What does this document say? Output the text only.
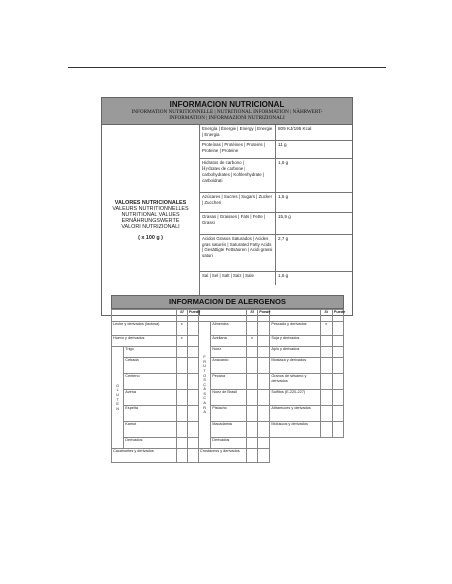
INFORMACION NUTRICIONAL
INFORMATION NUTRITIONNELLE | NUTRITIONAL INFORMATION | NÄHRWERT-
INFORMATION | INFORMAZIONI NUTRIZIONALI
VALORES NUTRICIONALES
VALEURS NUTRITIONNELLES
NUTRITIONAL VALUES
ERNÄHRUNGSWERTE
VALORI NUTRIZIONALI
( x 100 g )
Energía | Énergie | Energy | Energie | Energia
809 KJ/195 Kcal
Proteínas | Protéines | Proteins | Proteine | Proteine
11 g
Hidratos de carbono |
Hydrates de carbone |
carbohydrates | Kohlenhydrate | carboidrati
1,6 g
Azúcares | Sucres | Sugars | Zucker | Zuccheri
1,5 g
Grasas | Graisses | Fats | Fette | Grassi
15,9 g
Acidos Grasos Saturados | Acides gras saturés | Saturated Fatty Acids | Gesättigte Fettsäuren | Acidi grassi saturi
2,7 g
Sal | Sel | Salt | Salz | Sale	1,6 g
INFORMACION DE ALERGENOS
		SÍ	Puede			SÍ	Puede		Sí	Puede
Leche y derivados (lactosa)		x		FRUTOS CÁSCARA	Almendra			Pescado y derivados	x	
Huevo y derivados		x			Avellana	x		Soja y derivados		
GLUTEN	Trigo				Nuez			Apio y derivados		
	Cebada				Anacardo			Mostaza y derivados		
	Centeno				Pecana			Granos de sésamo y derivados		
	Avena				Nuez de Brasil			Sulfitos (E-220-227)		
	Espelta				Pistacho			Altramuces y derivados		
	Kamut				Macadamia			Moluscos y derivados		
	Derivados				Derivados					
Cacahuetes y derivados				Crustáceos y derivados						
